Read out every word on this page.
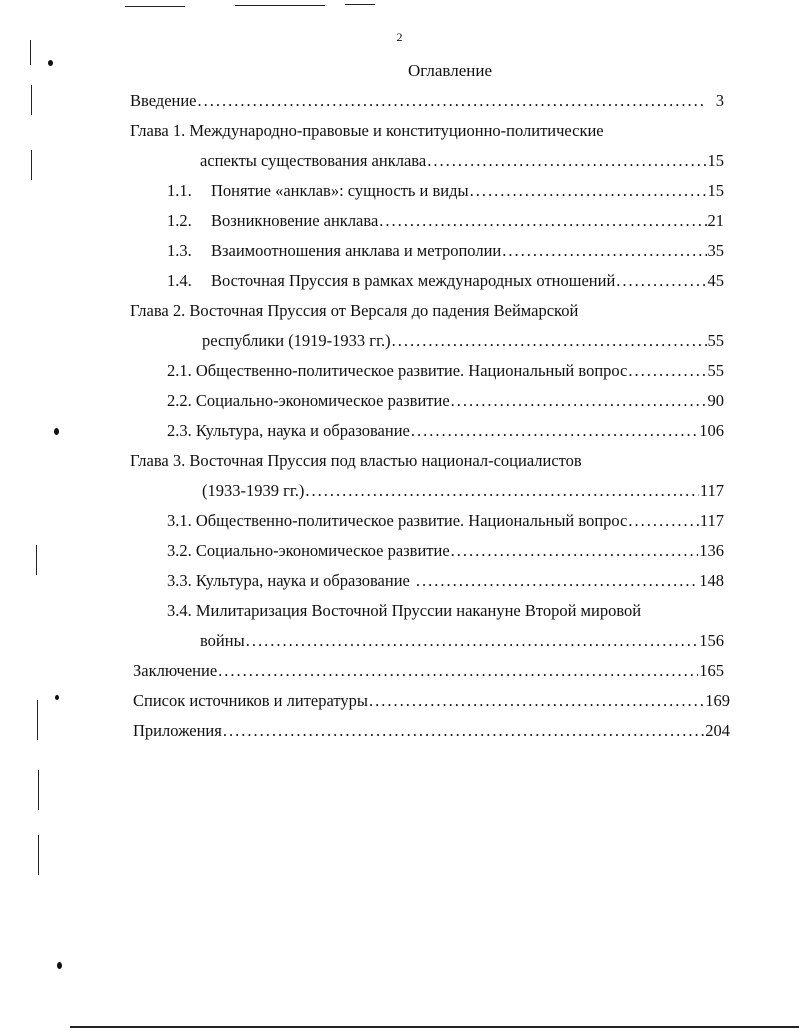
2
Оглавление
Введение .....	3
Глава 1. Международно-правовые и конституционно-политические
аспекты существования анклава .....	15
1.1. Понятие «анклав»: сущность и виды .....	15
1.2. Возникновение анклава .....	21
1.3. Взаимоотношения анклава и метрополии .....	35
1.4. Восточная Пруссия в рамках международных отношений .....	45
Глава 2. Восточная Пруссия от Версаля до падения Веймарской
республики (1919-1933 гг.) .....	55
2.1. Общественно-политическое развитие. Национальный вопрос .....	55
2.2. Социально-экономическое развитие .....	90
2.3. Культура, наука и образование .....	106
Глава 3. Восточная Пруссия под властью национал-социалистов
(1933-1939 гг.) .....	117
3.1. Общественно-политическое развитие. Национальный вопрос .....	117
3.2. Социально-экономическое развитие .....	136
3.3. Культура, наука и образование .....	148
3.4. Милитаризация Восточной Пруссии накануне Второй мировой
войны .....	156
Заключение .....	165
Список источников и литературы .....	169
Приложения .....	204
